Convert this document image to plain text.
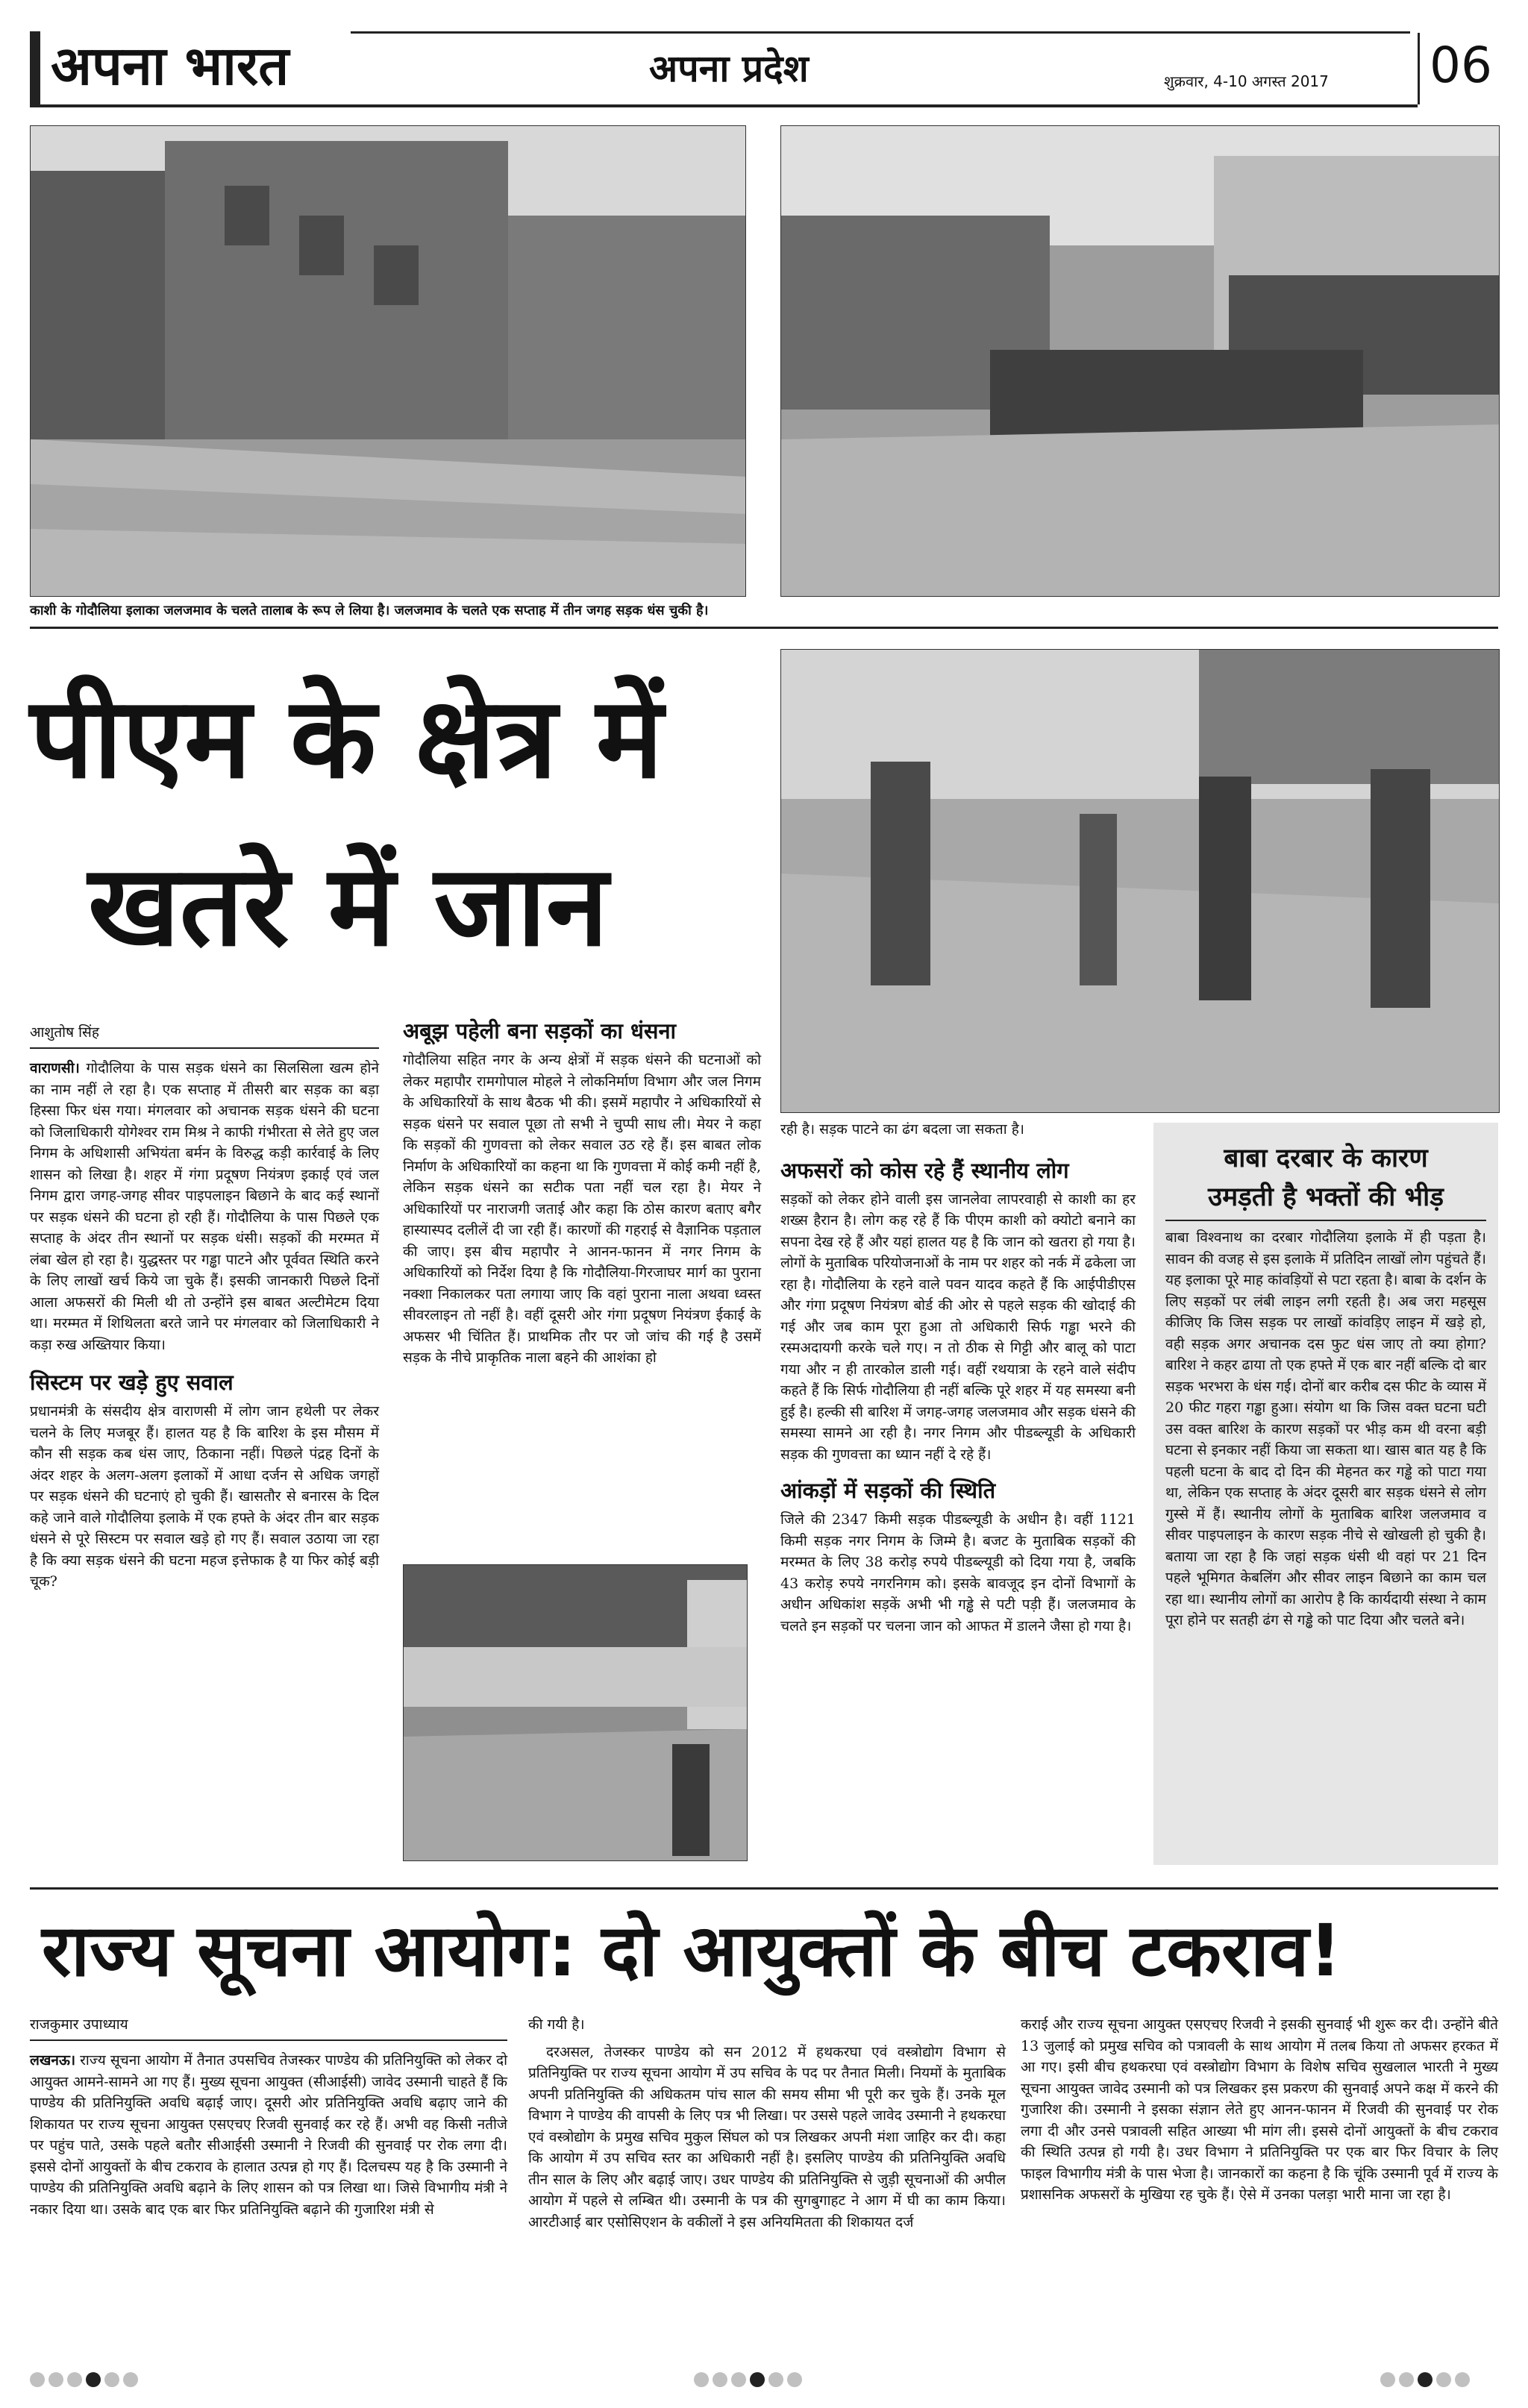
अपना भारत	अपना प्रदेश	शुक्रवार, 4-10 अगस्त 2017 06
काशी के गोदौलिया इलाका जलजमाव के चलते तालाब के रूप ले लिया है। जलजमाव के चलते एक सप्ताह में तीन जगह सड़क धंस चुकी है।
पीएम के क्षेत्र में
खतरे में जान
आशुतोष सिंह

वाराणसी। गोदौलिया के पास सड़क धंसने का सिलसिला खत्म होने का नाम नहीं ले रहा है। एक सप्ताह में तीसरी बार सड़क का बड़ा हिस्सा फिर धंस गया। मंगलवार को अचानक सड़क धंसने की घटना को जिलाधिकारी योगेश्वर राम मिश्र ने काफी गंभीरता से लेते हुए जल निगम के अधिशासी अभियंता बर्मन के विरुद्ध कड़ी कार्रवाई के लिए शासन को लिखा है। शहर में गंगा प्रदूषण नियंत्रण इकाई एवं जल निगम द्वारा जगह-जगह सीवर पाइपलाइन बिछाने के बाद कई स्थानों पर सड़क धंसने की घटना हो रही हैं। गोदौलिया के पास पिछले एक सप्ताह के अंदर तीन स्थानों पर सड़क धंसी। सड़कों की मरम्मत में लंबा खेल हो रहा है। युद्धस्तर पर गड्ढा पाटने और पूर्ववत स्थिति करने के लिए लाखों खर्च किये जा चुके हैं। इसकी जानकारी पिछले दिनों आला अफसरों की मिली थी तो उन्होंने इस बाबत अल्टीमेटम दिया था। मरम्मत में शिथिलता बरते जाने पर मंगलवार को जिलाधिकारी ने कड़ा रुख अख्तियार किया।

सिस्टम पर खड़े हुए सवाल

प्रधानमंत्री के संसदीय क्षेत्र वाराणसी में लोग जान हथेली पर लेकर चलने के लिए मजबूर हैं। हालत यह है कि बारिश के इस मौसम में कौन सी सड़क कब धंस जाए, ठिकाना नहीं। पिछले पंद्रह दिनों के अंदर शहर के अलग-अलग इलाकों में आधा दर्जन से अधिक जगहों पर सड़क धंसने की घटनाएं हो चुकी हैं। खासतौर से बनारस के दिल कहे जाने वाले गोदौलिया इलाके में एक हफ्ते के अंदर तीन बार सड़क धंसने से पूरे सिस्टम पर सवाल खड़े हो गए हैं। सवाल उठाया जा रहा है कि क्या सड़क धंसने की घटना महज इत्तेफाक है या फिर कोई बड़ी चूक?

अबूझ पहेली बना सड़कों का धंसना

गोदौलिया सहित नगर के अन्य क्षेत्रों में सड़क धंसने की घटनाओं को लेकर महापौर रामगोपाल मोहले ने लोकनिर्माण विभाग और जल निगम के अधिकारियों के साथ बैठक भी की। इसमें महापौर ने अधिकारियों से सड़क धंसने पर सवाल पूछा तो सभी ने चुप्पी साध ली। मेयर ने कहा कि सड़कों की गुणवत्ता को लेकर सवाल उठ रहे हैं। इस बाबत लोक निर्माण के अधिकारियों का कहना था कि गुणवत्ता में कोई कमी नहीं है, लेकिन सड़क धंसने का सटीक पता नहीं चल रहा है। मेयर ने अधिकारियों पर नाराजगी जताई और कहा कि ठोस कारण बताए बगैर हास्यास्पद दलीलें दी जा रही हैं। कारणों की गहराई से वैज्ञानिक पड़ताल की जाए। इस बीच महापौर ने आनन-फानन में नगर निगम के अधिकारियों को निर्देश दिया है कि गोदौलिया-गिरजाघर मार्ग का पुराना नक्शा निकालकर पता लगाया जाए कि वहां पुराना नाला अथवा ध्वस्त सीवरलाइन तो नहीं है। वहीं दूसरी ओर गंगा प्रदूषण नियंत्रण ईकाई के अफसर भी चिंतित हैं। प्राथमिक तौर पर जो जांच की गई है उसमें सड़क के नीचे प्राकृतिक नाला बहने की आशंका हो

रही है। सड़क पाटने का ढंग बदला जा सकता है।

अफसरों को कोस रहे हैं स्थानीय लोग

सड़कों को लेकर होने वाली इस जानलेवा लापरवाही से काशी का हर शख्स हैरान है। लोग कह रहे हैं कि पीएम काशी को क्योटो बनाने का सपना देख रहे हैं और यहां हालत यह है कि जान को खतरा हो गया है। लोगों के मुताबिक परियोजनाओं के नाम पर शहर को नर्क में ढकेला जा रहा है। गोदौलिया के रहने वाले पवन यादव कहते हैं कि आईपीडीएस और गंगा प्रदूषण नियंत्रण बोर्ड की ओर से पहले सड़क की खोदाई की गई और जब काम पूरा हुआ तो अधिकारी सिर्फ गड्ढा भरने की रस्मअदायगी करके चले गए। न तो ठीक से गिट्टी और बालू को पाटा गया और न ही तारकोल डाली गई। वहीं रथयात्रा के रहने वाले संदीप कहते हैं कि सिर्फ गोदौलिया ही नहीं बल्कि पूरे शहर में यह समस्या बनी हुई है। हल्की सी बारिश में जगह-जगह जलजमाव और सड़क धंसने की समस्या सामने आ रही है। नगर निगम और पीडब्ल्यूडी के अधिकारी सड़क की गुणवत्ता का ध्यान नहीं दे रहे हैं।

आंकड़ों में सड़कों की स्थिति

जिले की 2347 किमी सड़क पीडब्ल्यूडी के अधीन है। वहीं 1121 किमी सड़क नगर निगम के जिम्मे है। बजट के मुताबिक सड़कों की मरम्मत के लिए 38 करोड़ रुपये पीडब्ल्यूडी को दिया गया है, जबकि 43 करोड़ रुपये नगरनिगम को। इसके बावजूद इन दोनों विभागों के अधीन अधिकांश सड़कें अभी भी गड्ढे से पटी पड़ी हैं। जलजमाव के चलते इन सड़कों पर चलना जान को आफत में डालने जैसा हो गया है।

बाबा दरबार के कारण
उमड़ती है भक्तों की भीड़

बाबा विश्वनाथ का दरबार गोदौलिया इलाके में ही पड़ता है। सावन की वजह से इस इलाके में प्रतिदिन लाखों लोग पहुंचते हैं। यह इलाका पूरे माह कांवड़ियों से पटा रहता है। बाबा के दर्शन के लिए सड़कों पर लंबी लाइन लगी रहती है। अब जरा महसूस कीजिए कि जिस सड़क पर लाखों कांवड़िए लाइन में खड़े हो, वही सड़क अगर अचानक दस फुट धंस जाए तो क्या होगा? बारिश ने कहर ढाया तो एक हफ्ते में एक बार नहीं बल्कि दो बार सड़क भरभरा के धंस गई। दोनों बार करीब दस फीट के व्यास में 20 फीट गहरा गड्ढा हुआ। संयोग था कि जिस वक्त घटना घटी उस वक्त बारिश के कारण सड़कों पर भीड़ कम थी वरना बड़ी घटना से इनकार नहीं किया जा सकता था। खास बात यह है कि पहली घटना के बाद दो दिन की मेहनत कर गड्ढे को पाटा गया था, लेकिन एक सप्ताह के अंदर दूसरी बार सड़क धंसने से लोग गुस्से में हैं। स्थानीय लोगों के मुताबिक बारिश जलजमाव व सीवर पाइपलाइन के कारण सड़क नीचे से खोखली हो चुकी है। बताया जा रहा है कि जहां सड़क धंसी थी वहां पर 21 दिन पहले भूमिगत केबलिंग और सीवर लाइन बिछाने का काम चल रहा था। स्थानीय लोगों का आरोप है कि कार्यदायी संस्था ने काम पूरा होने पर सतही ढंग से गड्ढे को पाट दिया और चलते बने।

राज्य सूचना आयोग: दो आयुक्तों के बीच टकराव!
राजकुमार उपाध्याय

लखनऊ। राज्य सूचना आयोग में तैनात उपसचिव तेजस्कर पाण्डेय की प्रतिनियुक्ति को लेकर दो आयुक्त आमने-सामने आ गए हैं। मुख्य सूचना आयुक्त (सीआईसी) जावेद उस्मानी चाहते हैं कि पाण्डेय की प्रतिनियुक्ति अवधि बढ़ाई जाए। दूसरी ओर प्रतिनियुक्ति अवधि बढ़ाए जाने की शिकायत पर राज्य सूचना आयुक्त एसएचए रिजवी सुनवाई कर रहे हैं। अभी वह किसी नतीजे पर पहुंच पाते, उसके पहले बतौर सीआईसी उस्मानी ने रिजवी की सुनवाई पर रोक लगा दी। इससे दोनों आयुक्तों के बीच टकराव के हालात उत्पन्न हो गए हैं। दिलचस्प यह है कि उस्मानी ने पाण्डेय की प्रतिनियुक्ति अवधि बढ़ाने के लिए शासन को पत्र लिखा था। जिसे विभागीय मंत्री ने नकार दिया था। उसके बाद एक बार फिर प्रतिनियुक्ति बढ़ाने की गुजारिश मंत्री से

की गयी है।

दरअसल, तेजस्कर पाण्डेय को सन 2012 में हथकरघा एवं वस्त्रोद्योग विभाग से प्रतिनियुक्ति पर राज्य सूचना आयोग में उप सचिव के पद पर तैनात मिली। नियमों के मुताबिक अपनी प्रतिनियुक्ति की अधिकतम पांच साल की समय सीमा भी पूरी कर चुके हैं। उनके मूल विभाग ने पाण्डेय की वापसी के लिए पत्र भी लिखा। पर उससे पहले जावेद उस्मानी ने हथकरघा एवं वस्त्रोद्योग के प्रमुख सचिव मुकुल सिंघल को पत्र लिखकर अपनी मंशा जाहिर कर दी। कहा कि आयोग में उप सचिव स्तर का अधिकारी नहीं है। इसलिए पाण्डेय की प्रतिनियुक्ति अवधि तीन साल के लिए और बढ़ाई जाए। उधर पाण्डेय की प्रतिनियुक्ति से जुड़ी सूचनाओं की अपील आयोग में पहले से लम्बित थी। उस्मानी के पत्र की सुगबुगाहट ने आग में घी का काम किया। आरटीआई बार एसोसिएशन के वकीलों ने इस अनियमितता की शिकायत दर्ज

कराई और राज्य सूचना आयुक्त एसएचए रिजवी ने इसकी सुनवाई भी शुरू कर दी। उन्होंने बीते 13 जुलाई को प्रमुख सचिव को पत्रावली के साथ आयोग में तलब किया तो अफसर हरकत में आ गए। इसी बीच हथकरघा एवं वस्त्रोद्योग विभाग के विशेष सचिव सुखलाल भारती ने मुख्य सूचना आयुक्त जावेद उस्मानी को पत्र लिखकर इस प्रकरण की सुनवाई अपने कक्ष में करने की गुजारिश की। उस्मानी ने इसका संज्ञान लेते हुए आनन-फानन में रिजवी की सुनवाई पर रोक लगा दी और उनसे पत्रावली सहित आख्या भी मांग ली। इससे दोनों आयुक्तों के बीच टकराव की स्थिति उत्पन्न हो गयी है। उधर विभाग ने प्रतिनियुक्ति पर एक बार फिर विचार के लिए फाइल विभागीय मंत्री के पास भेजा है। जानकारों का कहना है कि चूंकि उस्मानी पूर्व में राज्य के प्रशासनिक अफसरों के मुखिया रह चुके हैं। ऐसे में उनका पलड़ा भारी माना जा रहा है।
